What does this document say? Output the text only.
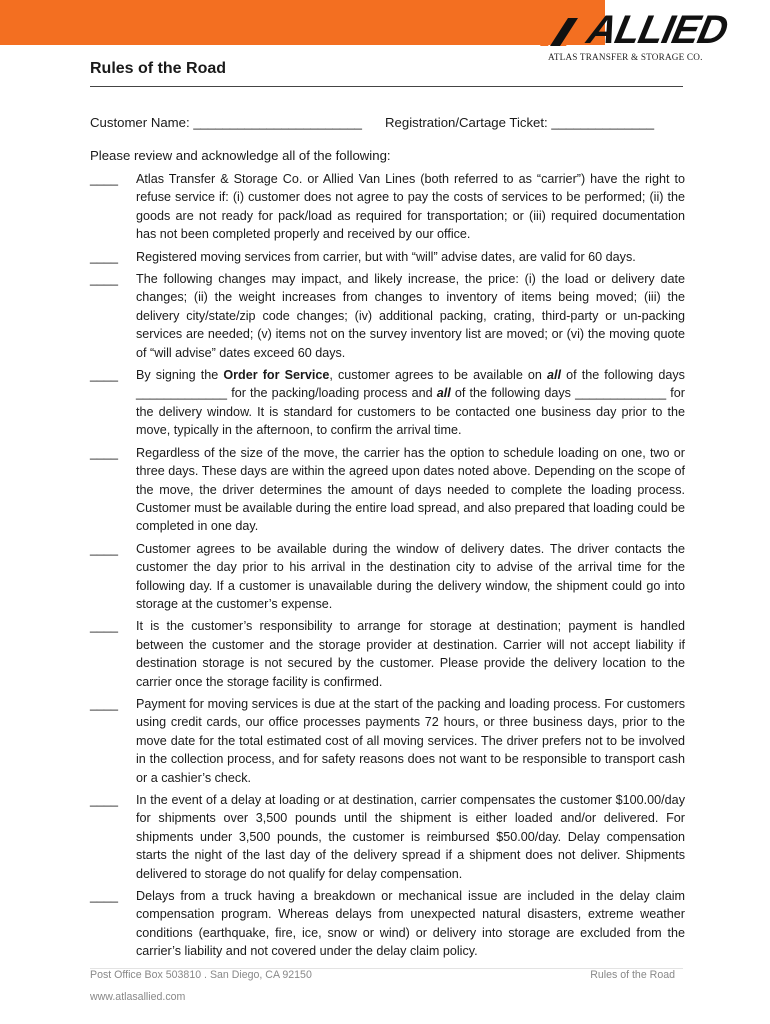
ALLIED
ATLAS TRANSFER & STORAGE CO.
Rules of the Road
Customer Name: _______________________ Registration/Cartage Ticket: ______________
Please review and acknowledge all of the following:
____ Atlas Transfer & Storage Co. or Allied Van Lines (both referred to as “carrier”) have the right to refuse service if: (i) customer does not agree to pay the costs of services to be performed; (ii) the goods are not ready for pack/load as required for transportation; or (iii) required documentation has not been completed properly and received by our office.
____ Registered moving services from carrier, but with “will” advise dates, are valid for 60 days.
____ The following changes may impact, and likely increase, the price: (i) the load or delivery date changes; (ii) the weight increases from changes to inventory of items being moved; (iii) the delivery city/state/zip code changes; (iv) additional packing, crating, third-party or un-packing services are needed; (v) items not on the survey inventory list are moved; or (vi) the moving quote of “will advise” dates exceed 60 days.
____ By signing the Order for Service, customer agrees to be available on all of the following days _____________ for the packing/loading process and all of the following days _____________ for the delivery window. It is standard for customers to be contacted one business day prior to the move, typically in the afternoon, to confirm the arrival time.
____ Regardless of the size of the move, the carrier has the option to schedule loading on one, two or three days. These days are within the agreed upon dates noted above. Depending on the scope of the move, the driver determines the amount of days needed to complete the loading process. Customer must be available during the entire load spread, and also prepared that loading could be completed in one day.
____ Customer agrees to be available during the window of delivery dates. The driver contacts the customer the day prior to his arrival in the destination city to advise of the arrival time for the following day. If a customer is unavailable during the delivery window, the shipment could go into storage at the customer’s expense.
____ It is the customer’s responsibility to arrange for storage at destination; payment is handled between the customer and the storage provider at destination. Carrier will not accept liability if destination storage is not secured by the customer. Please provide the delivery location to the carrier once the storage facility is confirmed.
____ Payment for moving services is due at the start of the packing and loading process. For customers using credit cards, our office processes payments 72 hours, or three business days, prior to the move date for the total estimated cost of all moving services. The driver prefers not to be involved in the collection process, and for safety reasons does not want to be responsible to transport cash or a cashier’s check.
____ In the event of a delay at loading or at destination, carrier compensates the customer $100.00/day for shipments over 3,500 pounds until the shipment is either loaded and/or delivered. For shipments under 3,500 pounds, the customer is reimbursed $50.00/day. Delay compensation starts the night of the last day of the delivery spread if a shipment does not deliver. Shipments delivered to storage do not qualify for delay compensation.
____ Delays from a truck having a breakdown or mechanical issue are included in the delay claim compensation program. Whereas delays from unexpected natural disasters, extreme weather conditions (earthquake, fire, ice, snow or wind) or delivery into storage are excluded from the carrier’s liability and not covered under the delay claim policy.
Post Office Box 503810 . San Diego, CA 92150
www.atlasallied.com
Rules of the Road
